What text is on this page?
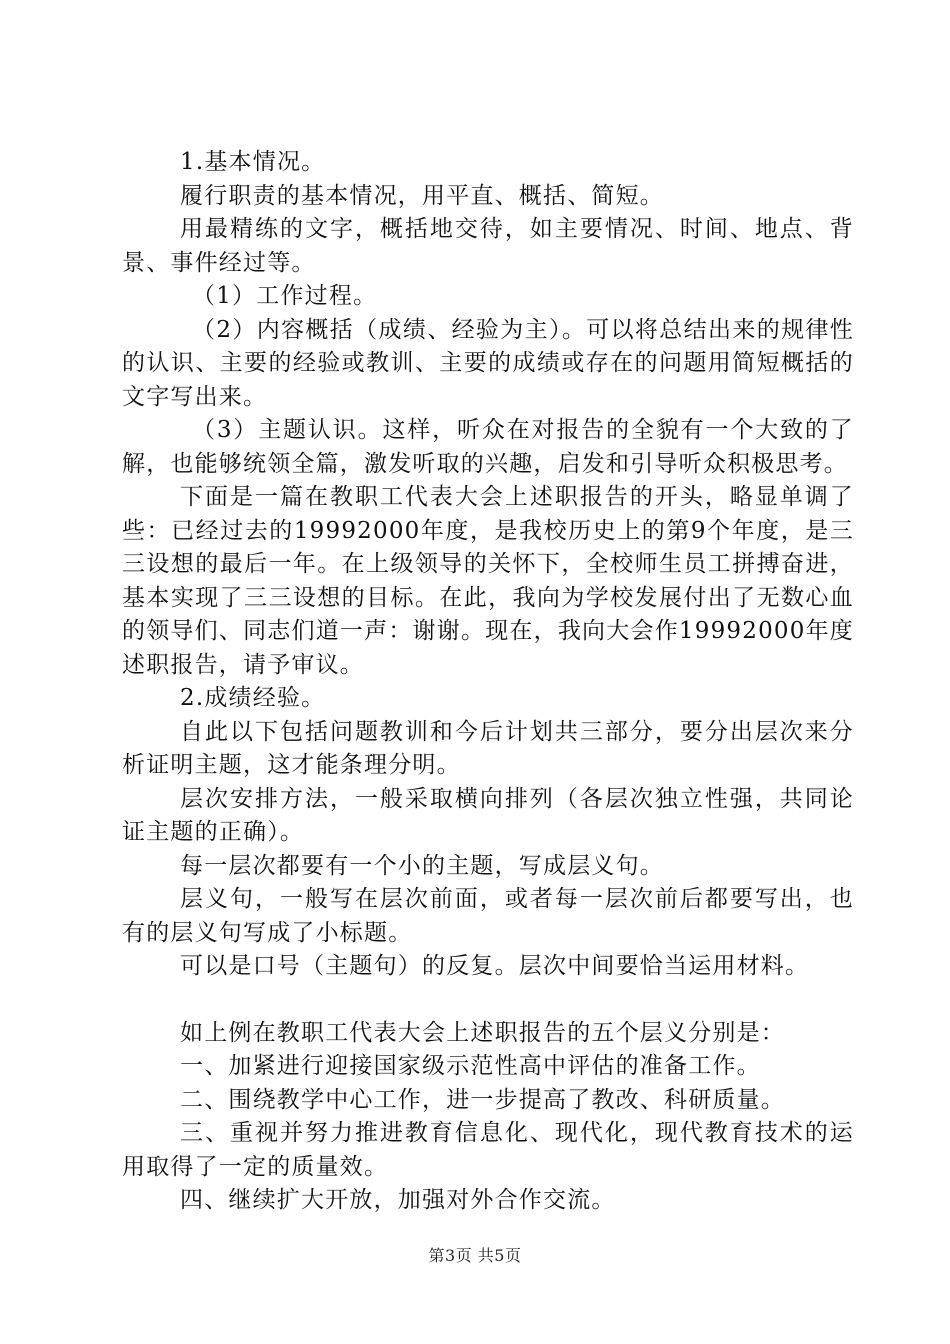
1.基本情况。

履行职责的基本情况，用平直、概括、简短。

用最精练的文字，概括地交待，如主要情况、时间、地点、背景、事件经过等。

（1）工作过程。

（2）内容概括（成绩、经验为主）。可以将总结出来的规律性的认识、主要的经验或教训、主要的成绩或存在的问题用简短概括的文字写出来。

（3）主题认识。这样，听众在对报告的全貌有一个大致的了解，也能够统领全篇，激发听取的兴趣，启发和引导听众积极思考。

下面是一篇在教职工代表大会上述职报告的开头，略显单调了些：已经过去的19992000年度，是我校历史上的第9个年度，是三三设想的最后一年。在上级领导的关怀下，全校师生员工拼搏奋进，基本实现了三三设想的目标。在此，我向为学校发展付出了无数心血的领导们、同志们道一声：谢谢。现在，我向大会作19992000年度述职报告，请予审议。

2.成绩经验。

自此以下包括问题教训和今后计划共三部分，要分出层次来分析证明主题，这才能条理分明。

层次安排方法，一般采取横向排列（各层次独立性强，共同论证主题的正确）。

每一层次都要有一个小的主题，写成层义句。

层义句，一般写在层次前面，或者每一层次前后都要写出，也有的层义句写成了小标题。

可以是口号（主题句）的反复。层次中间要恰当运用材料。

如上例在教职工代表大会上述职报告的五个层义分别是：

一、加紧进行迎接国家级示范性高中评估的准备工作。

二、围绕教学中心工作，进一步提高了教改、科研质量。

三、重视并努力推进教育信息化、现代化，现代教育技术的运用取得了一定的质量效。

四、继续扩大开放，加强对外合作交流。

第3页 共5页
